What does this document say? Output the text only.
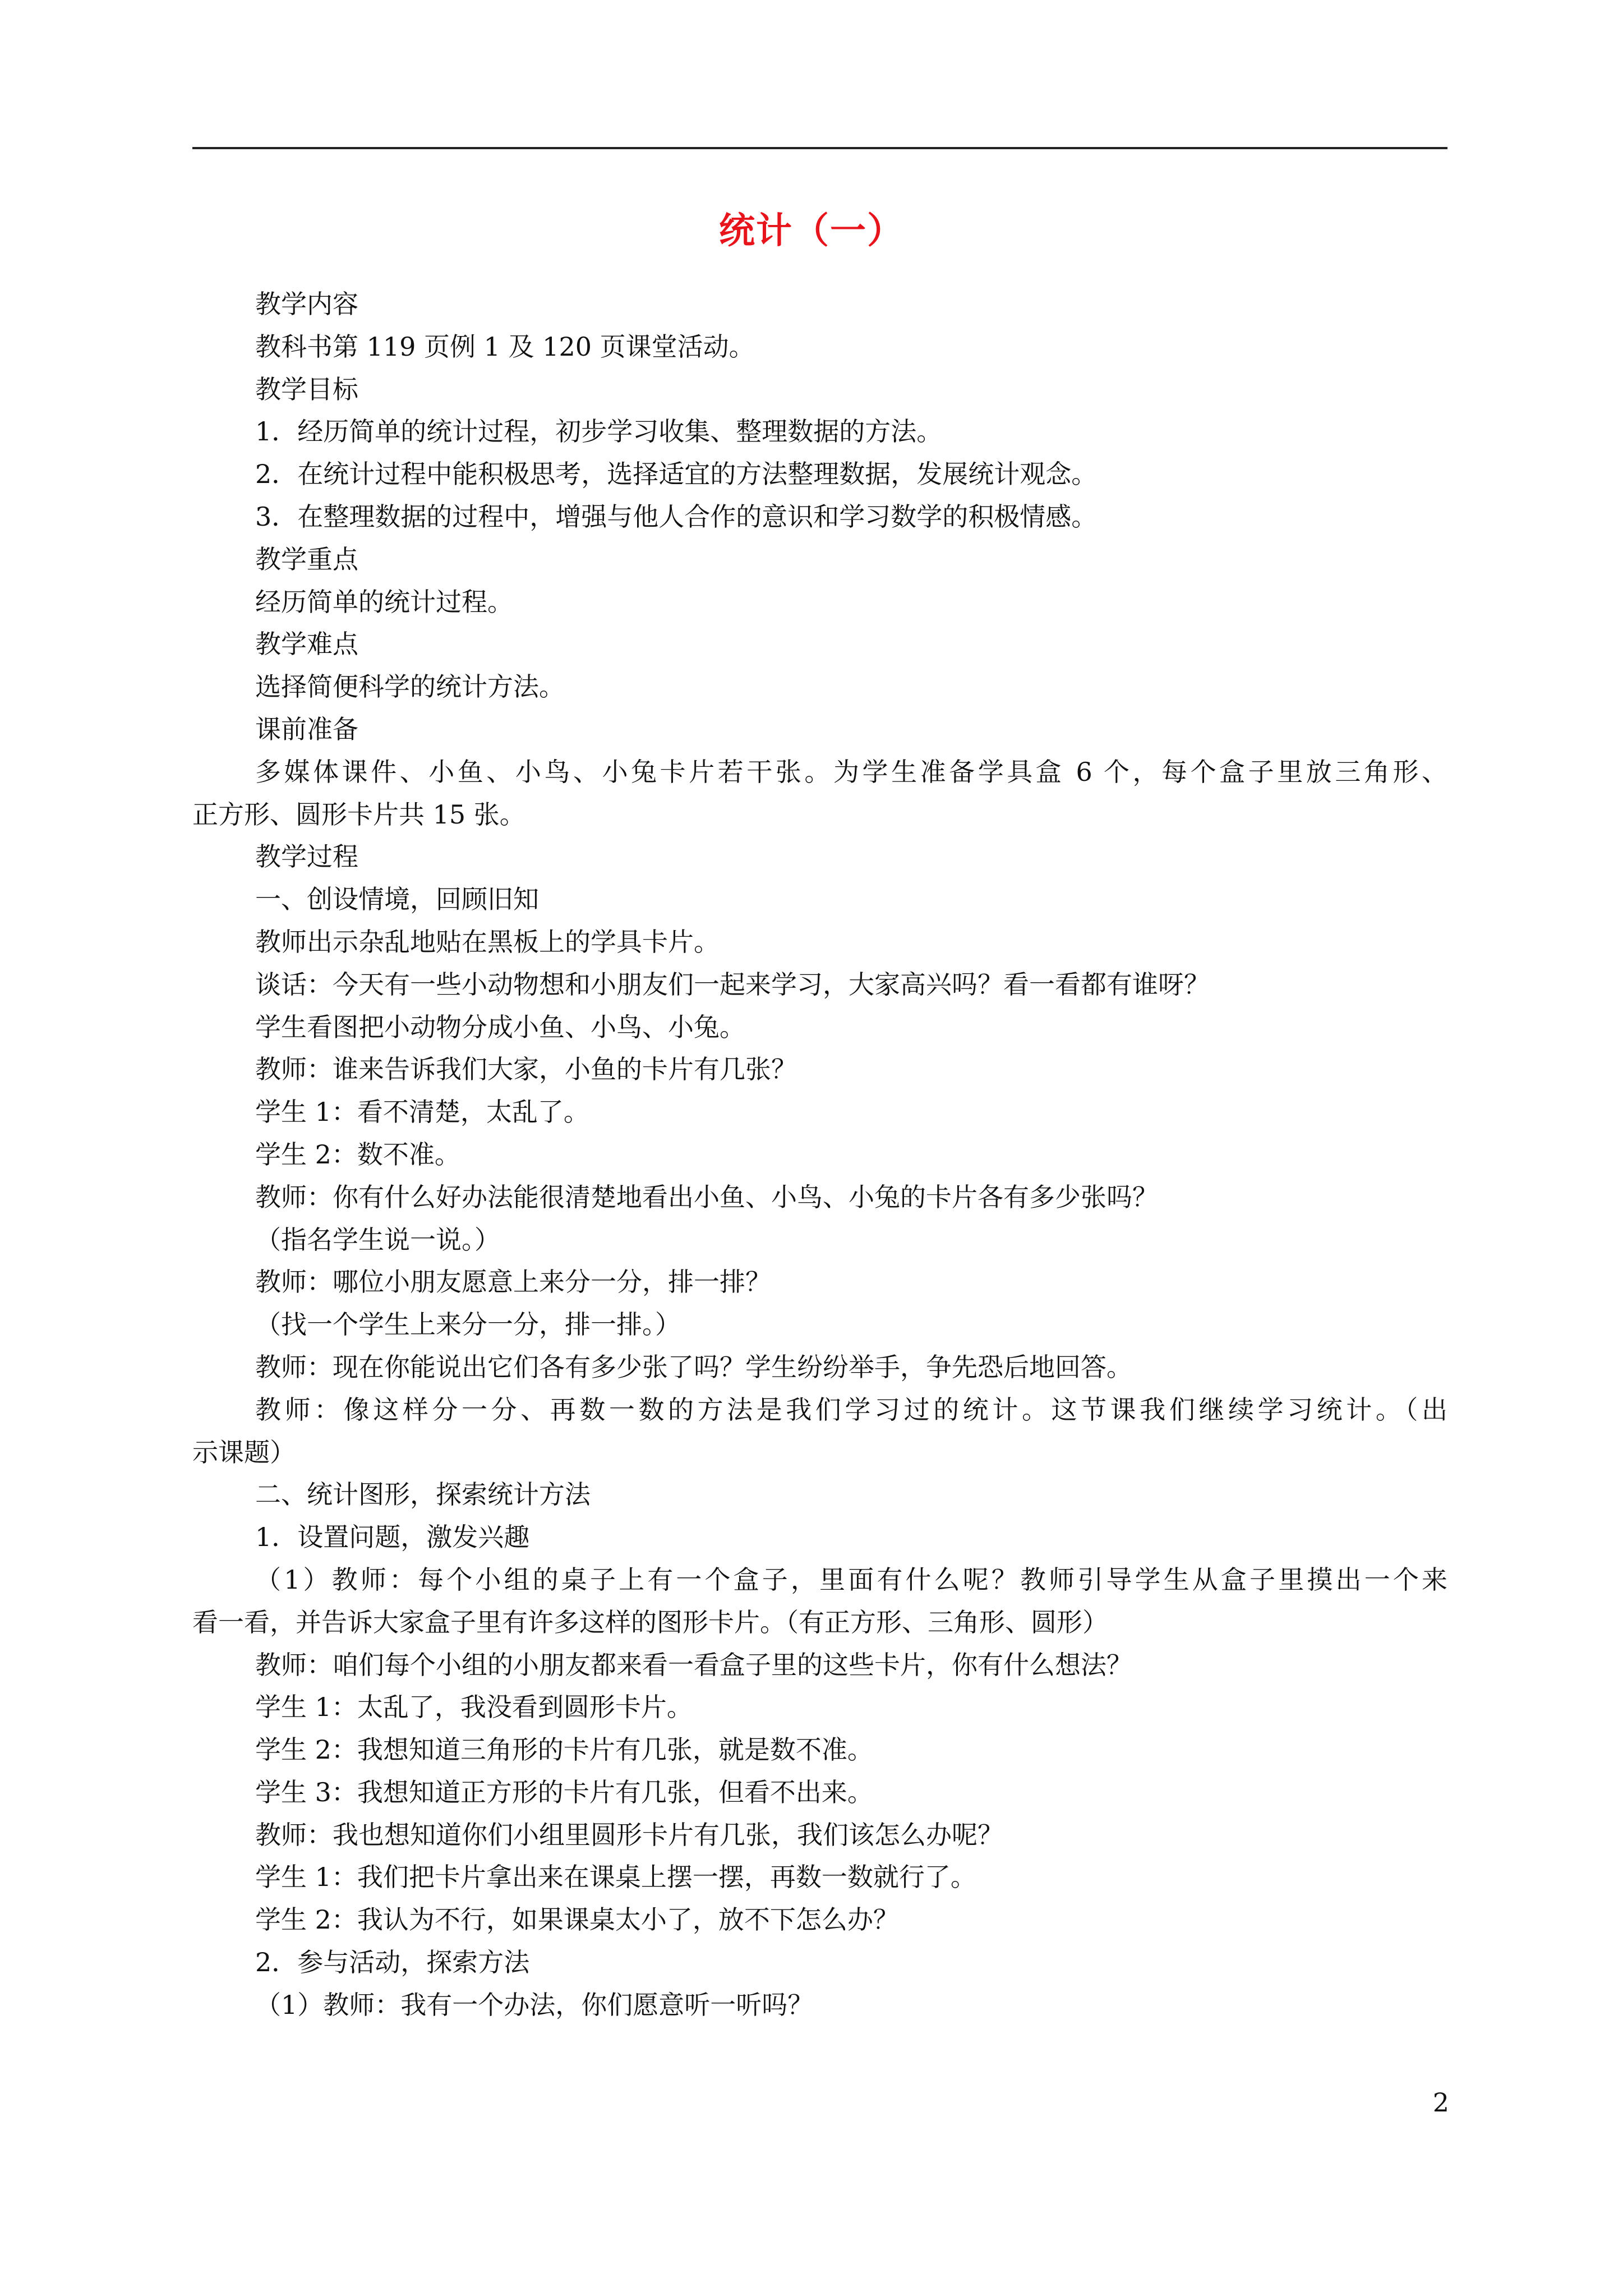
统计（一）
教学内容
教科书第 119 页例 1 及 120 页课堂活动。
教学目标
1．经历简单的统计过程，初步学习收集、整理数据的方法。
2．在统计过程中能积极思考，选择适宜的方法整理数据，发展统计观念。
3．在整理数据的过程中，增强与他人合作的意识和学习数学的积极情感。
教学重点
经历简单的统计过程。
教学难点
选择简便科学的统计方法。
课前准备
多媒体课件、小鱼、小鸟、小兔卡片若干张。为学生准备学具盒 6 个，每个盒子里放三角形、
正方形、圆形卡片共 15 张。
教学过程
一、创设情境，回顾旧知
教师出示杂乱地贴在黑板上的学具卡片。
谈话：今天有一些小动物想和小朋友们一起来学习，大家高兴吗？看一看都有谁呀？
学生看图把小动物分成小鱼、小鸟、小兔。
教师：谁来告诉我们大家，小鱼的卡片有几张？
学生 1：看不清楚，太乱了。
学生 2：数不准。
教师：你有什么好办法能很清楚地看出小鱼、小鸟、小兔的卡片各有多少张吗？
（指名学生说一说。）
教师：哪位小朋友愿意上来分一分，排一排？
（找一个学生上来分一分，排一排。）
教师：现在你能说出它们各有多少张了吗？学生纷纷举手，争先恐后地回答。
教师：像这样分一分、再数一数的方法是我们学习过的统计。这节课我们继续学习统计。（出
示课题）
二、统计图形，探索统计方法
1．设置问题，激发兴趣
（1）教师：每个小组的桌子上有一个盒子，里面有什么呢？教师引导学生从盒子里摸出一个来
看一看，并告诉大家盒子里有许多这样的图形卡片。（有正方形、三角形、圆形）
教师：咱们每个小组的小朋友都来看一看盒子里的这些卡片，你有什么想法？
学生 1：太乱了，我没看到圆形卡片。
学生 2：我想知道三角形的卡片有几张，就是数不准。
学生 3：我想知道正方形的卡片有几张，但看不出来。
教师：我也想知道你们小组里圆形卡片有几张，我们该怎么办呢？
学生 1：我们把卡片拿出来在课桌上摆一摆，再数一数就行了。
学生 2：我认为不行，如果课桌太小了，放不下怎么办？
2．参与活动，探索方法
（1）教师：我有一个办法，你们愿意听一听吗？
2
